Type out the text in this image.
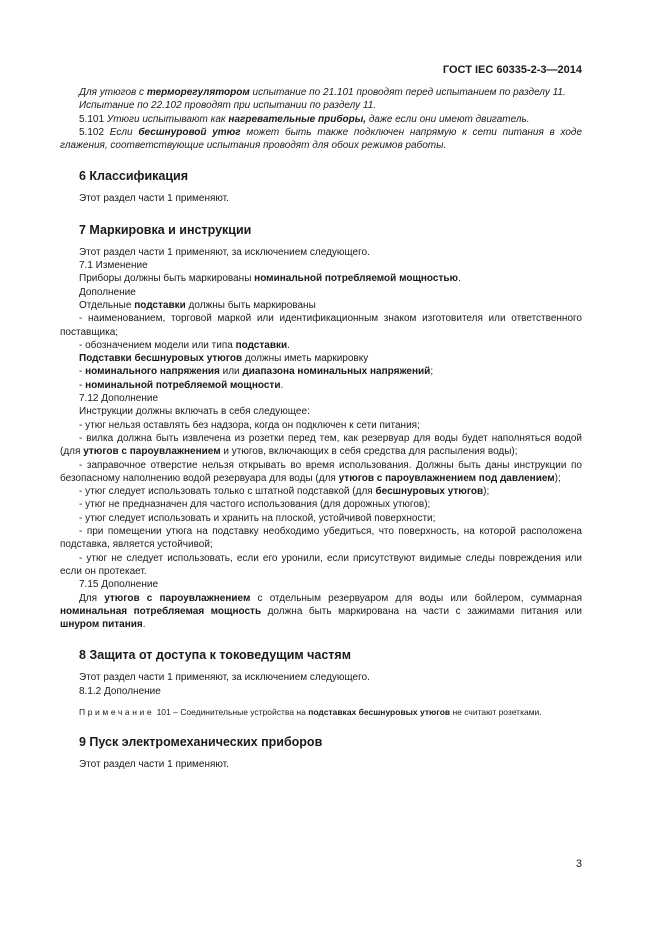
ГОСТ IEC 60335-2-3—2014

Для утюгов с терморегулятором испытание по 21.101 проводят перед испытанием по разделу 11.

Испытание по 22.102 проводят при испытании по разделу 11.

5.101 Утюги испытывают как нагревательные приборы, даже если они имеют двигатель.

5.102 Если бесшнуровой утюг может быть также подключен напрямую к сети питания в ходе глажения, соответствующие испытания проводят для обоих режимов работы.

6 Классификация

Этот раздел части 1 применяют.

7 Маркировка и инструкции

Этот раздел части 1 применяют, за исключением следующего.

7.1 Изменение

Приборы должны быть маркированы номинальной потребляемой мощностью.

Дополнение

Отдельные подставки должны быть маркированы

- наименованием, торговой маркой или идентификационным знаком изготовителя или ответственного поставщика;

- обозначением модели или типа подставки.

Подставки бесшнуровых утюгов должны иметь маркировку

- номинального напряжения или диапазона номинальных напряжений;

- номинальной потребляемой мощности.

7.12 Дополнение

Инструкции должны включать в себя следующее:

- утюг нельзя оставлять без надзора, когда он подключен к сети питания;

- вилка должна быть извлечена из розетки перед тем, как резервуар для воды будет наполняться водой (для утюгов с пароувлажнением и утюгов, включающих в себя средства для распыления воды);

- заправочное отверстие нельзя открывать во время использования. Должны быть даны инструкции по безопасному наполнению водой резервуара для воды (для утюгов с пароувлажнением под давлением);

- утюг следует использовать только с штатной подставкой (для бесшнуровых утюгов);

- утюг не предназначен для частого использования (для дорожных утюгов);

- утюг следует использовать и хранить на плоской, устойчивой поверхности;

- при помещении утюга на подставку необходимо убедиться, что поверхность, на которой расположена подставка, является устойчивой;

- утюг не следует использовать, если его уронили, если присутствуют видимые следы повреждения или если он протекает.

7.15 Дополнение

Для утюгов с пароувлажнением с отдельным резервуаром для воды или бойлером, суммарная номинальная потребляемая мощность должна быть маркирована на части с зажимами питания или шнуром питания.

8 Защита от доступа к токоведущим частям

Этот раздел части 1 применяют, за исключением следующего.

8.1.2 Дополнение

Примечание 101 – Соединительные устройства на подставках бесшнуровых утюгов не считают розетками.

9 Пуск электромеханических приборов

Этот раздел части 1 применяют.

3
